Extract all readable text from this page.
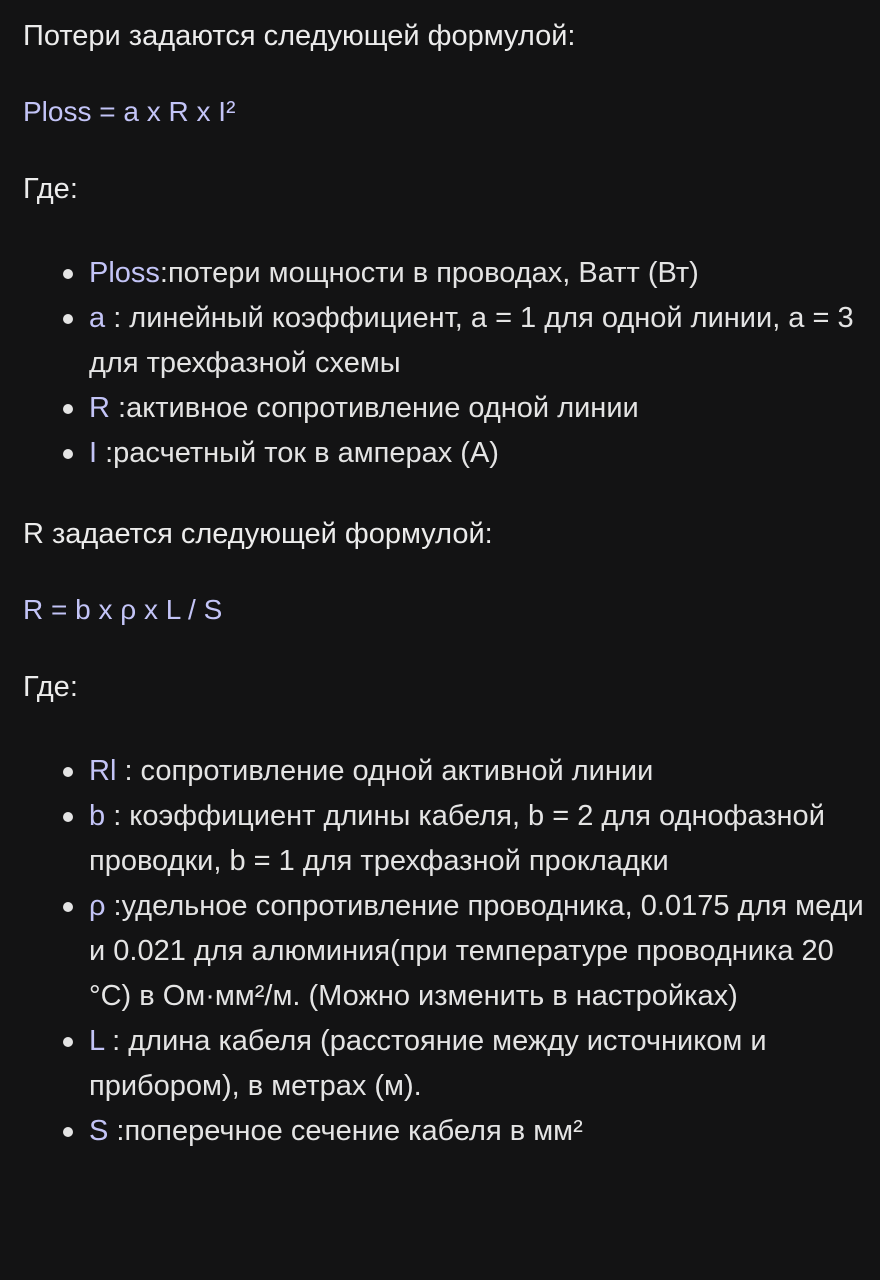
Потери задаются следующей формулой:

Ploss = a x R x I²

Где:

Ploss:потери мощности в проводах, Ватт (Вт)
a : линейный коэффициент, a = 1 для одной линии, a = 3 для трехфазной схемы
R :активное сопротивление одной линии
I :расчетный ток в амперах (A)

R задается следующей формулой:

R = b x ρ x L / S

Где:

Rl : сопротивление одной активной линии
b : коэффициент длины кабеля, b = 2 для однофазной проводки, b = 1 для трехфазной прокладки
ρ :удельное сопротивление проводника, 0.0175 для меди и 0.021 для алюминия(при температуре проводника 20 °C) в Ом·мм²/м. (Можно изменить в настройках)
L : длина кабеля (расстояние между источником и прибором), в метрах (м).
S :поперечное сечение кабеля в мм²
